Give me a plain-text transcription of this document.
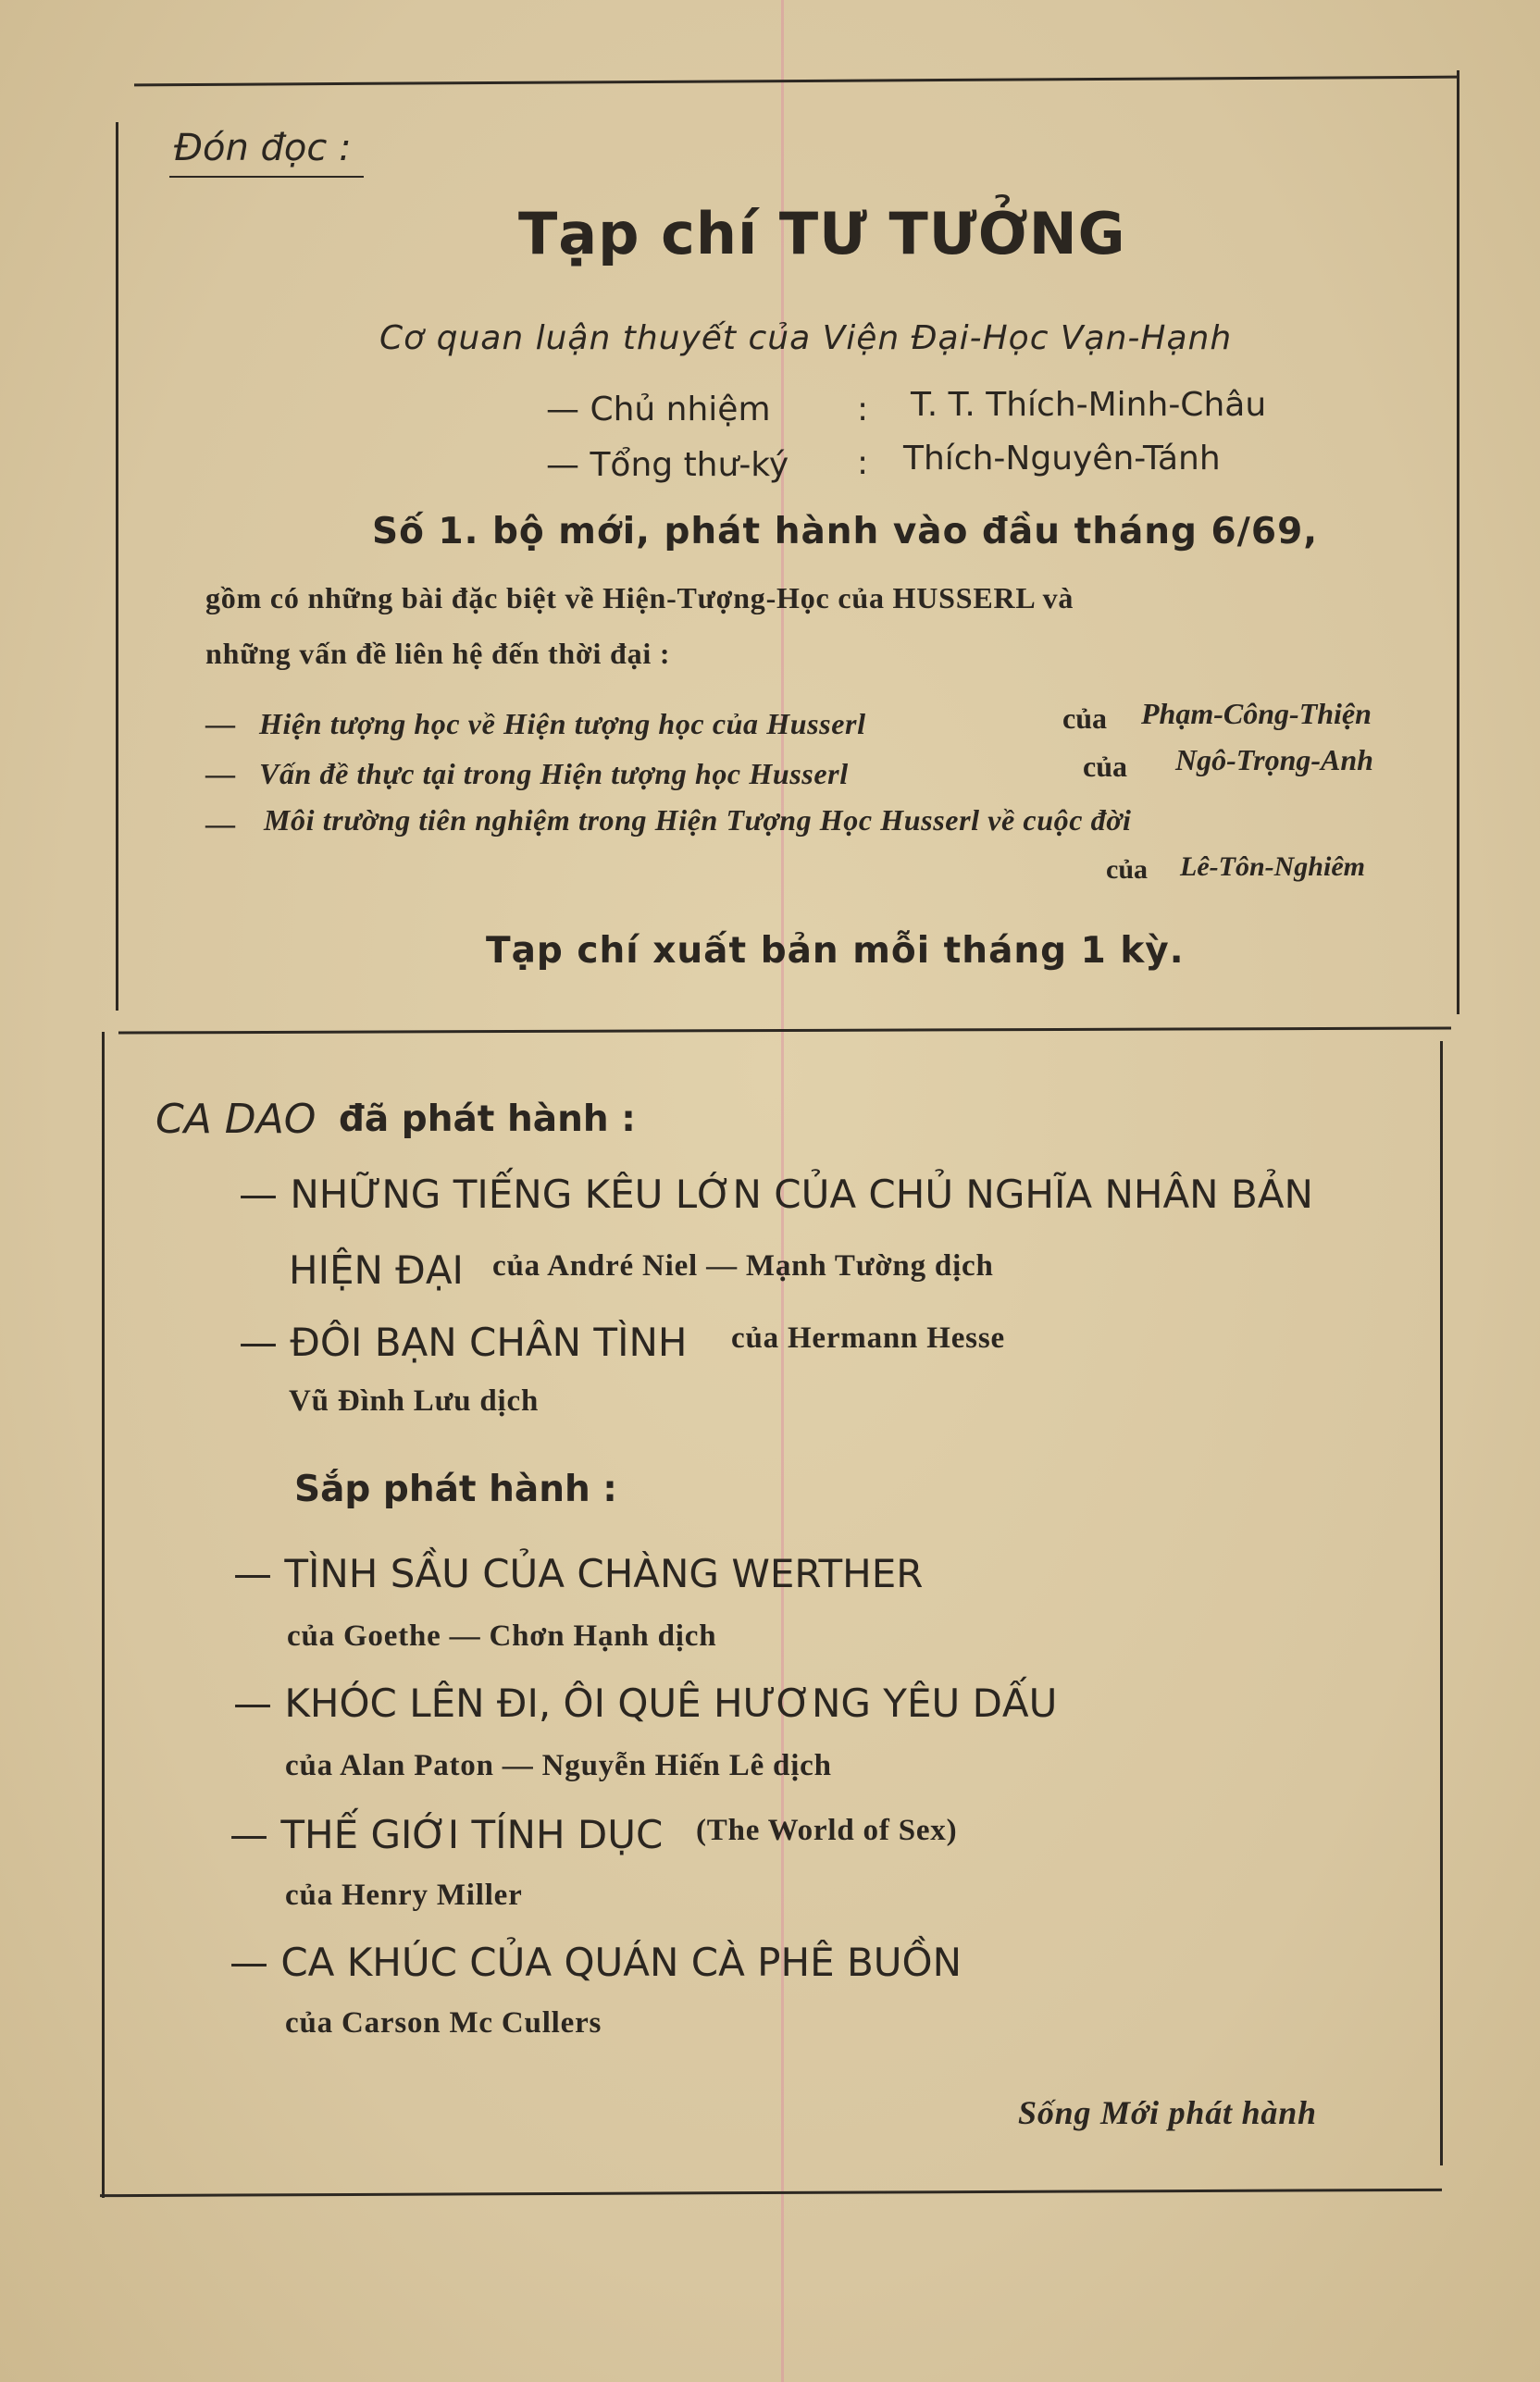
Đón đọc :
Tạp chí TƯ TƯỞNG
Cơ quan luận thuyết của Viện Đại-Học Vạn-Hạnh
— Chủ nhiệm	: T. T. Thích-Minh-Châu
— Tổng thư-ký : Thích-Nguyên-Tánh
Số 1. bộ mới, phát hành vào đầu tháng 6/69,
gồm có những bài đặc biệt về Hiện-Tượng-Học của HUSSERL và
những vấn đề liên hệ đến thời đại :
— Hiện tượng học về Hiện tượng học của Husserl	của Phạm-Công-Thiện
— Vấn đề thực tại trong Hiện tượng học Husserl	của Ngô-Trọng-Anh
— Môi trường tiên nghiệm trong Hiện Tượng Học Husserl về cuộc đời
của Lê-Tôn-Nghiêm
Tạp chí xuất bản mỗi tháng 1 kỳ.
CA DAO đã phát hành :
— NHỮNG TIẾNG KÊU LỚN CỦA CHỦ NGHĨA NHÂN BẢN
HIỆN ĐẠI của André Niel — Mạnh Tường dịch
— ĐÔI BẠN CHÂN TÌNH của Hermann Hesse
Vũ Đình Lưu dịch
Sắp phát hành :
— TÌNH SẦU CỦA CHÀNG WERTHER
của Goethe — Chơn Hạnh dịch
— KHÓC LÊN ĐI, ÔI QUÊ HƯƠNG YÊU DẤU
của Alan Paton — Nguyễn Hiến Lê dịch
— THẾ GIỚI TÍNH DỤC (The World of Sex)
của Henry Miller
— CA KHÚC CỦA QUÁN CÀ PHÊ BUỒN
của Carson Mc Cullers
Sống Mới phát hành
